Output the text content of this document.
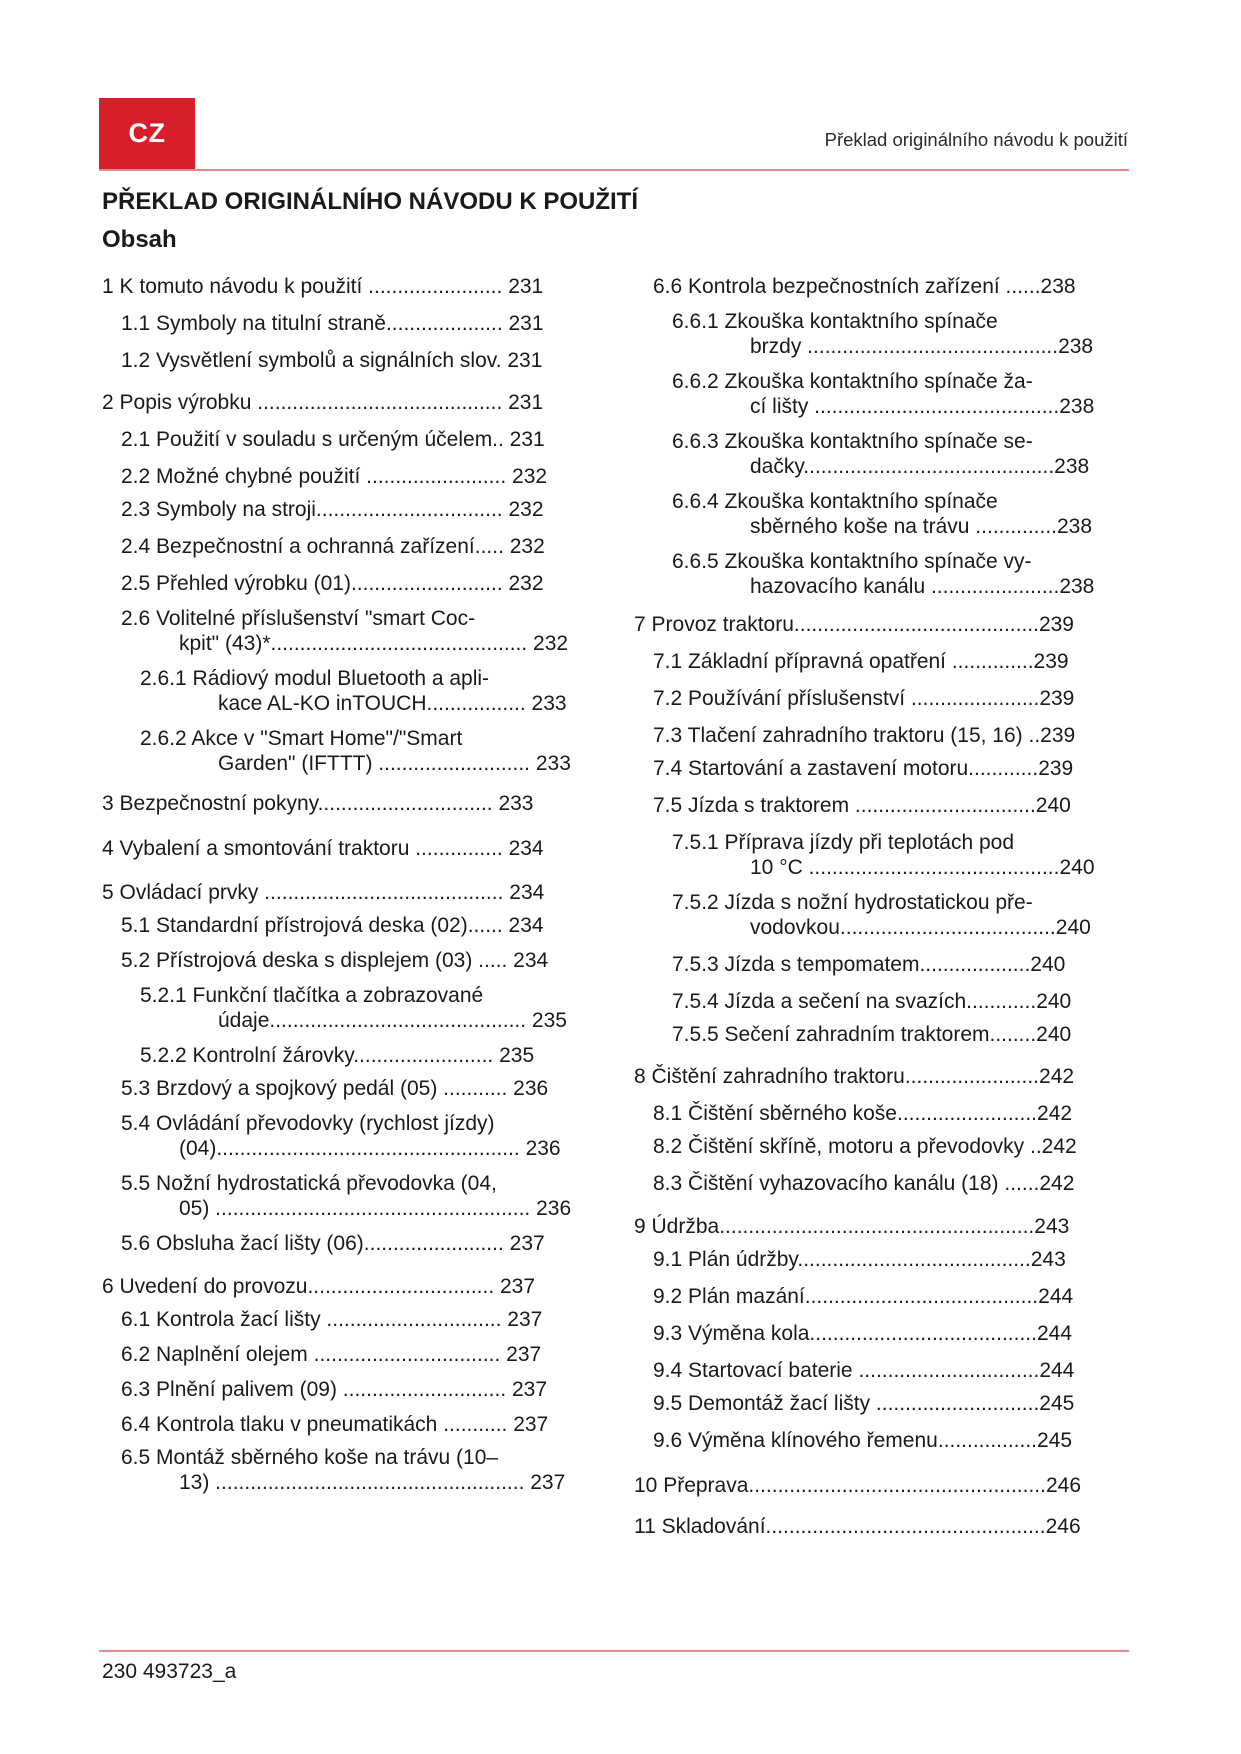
CZ	Překlad originálního návodu k použití
PŘEKLAD ORIGINÁLNÍHO NÁVODU K POUŽITÍ
Obsah
1 K tomuto návodu k použití ....................... 231
1.1 Symboly na titulní straně.................... 231
1.2 Vysvětlení symbolů a signálních slov. 231
2 Popis výrobku .......................................... 231
2.1 Použití v souladu s určeným účelem.. 231
2.2 Možné chybné použití ........................ 232
2.3 Symboly na stroji................................ 232
2.4 Bezpečnostní a ochranná zařízení..... 232
2.5 Přehled výrobku (01).......................... 232
2.6 Volitelné příslušenství "smart Coc-
kpit" (43)*............................................ 232
2.6.1 Rádiový modul Bluetooth a apli-
kace AL-KO inTOUCH................. 233
2.6.2 Akce v "Smart Home"/"Smart
Garden" (IFTTT) .......................... 233
3 Bezpečnostní pokyny.............................. 233
4 Vybalení a smontování traktoru ............... 234
5 Ovládací prvky ......................................... 234
5.1 Standardní přístrojová deska (02)...... 234
5.2 Přístrojová deska s displejem (03) ..... 234
5.2.1 Funkční tlačítka a zobrazované
údaje............................................ 235
5.2.2 Kontrolní žárovky........................ 235
5.3 Brzdový a spojkový pedál (05) ........... 236
5.4 Ovládání převodovky (rychlost jízdy)
(04).................................................... 236
5.5 Nožní hydrostatická převodovka (04,
05) ...................................................... 236
5.6 Obsluha žací lišty (06)........................ 237
6 Uvedení do provozu................................ 237
6.1 Kontrola žací lišty .............................. 237
6.2 Naplnění olejem ................................ 237
6.3 Plnění palivem (09) ............................ 237
6.4 Kontrola tlaku v pneumatikách ........... 237
6.5 Montáž sběrného koše na trávu (10–
13) ..................................................... 237
6.6 Kontrola bezpečnostních zařízení ......238
6.6.1 Zkouška kontaktního spínače
brzdy ...........................................238
6.6.2 Zkouška kontaktního spínače ža-
cí lišty ..........................................238
6.6.3 Zkouška kontaktního spínače se-
dačky...........................................238
6.6.4 Zkouška kontaktního spínače
sběrného koše na trávu ..............238
6.6.5 Zkouška kontaktního spínače vy-
hazovacího kanálu ......................238
7 Provoz traktoru..........................................239
7.1 Základní přípravná opatření ..............239
7.2 Používání příslušenství ......................239
7.3 Tlačení zahradního traktoru (15, 16) ..239
7.4 Startování a zastavení motoru............239
7.5 Jízda s traktorem ...............................240
7.5.1 Příprava jízdy při teplotách pod
10 °C ...........................................240
7.5.2 Jízda s nožní hydrostatickou pře-
vodovkou.....................................240
7.5.3 Jízda s tempomatem...................240
7.5.4 Jízda a sečení na svazích............240
7.5.5 Sečení zahradním traktorem........240
8 Čištění zahradního traktoru.......................242
8.1 Čištění sběrného koše........................242
8.2 Čištění skříně, motoru a převodovky ..242
8.3 Čištění vyhazovacího kanálu (18) ......242
9 Údržba......................................................243
9.1 Plán údržby........................................243
9.2 Plán mazání........................................244
9.3 Výměna kola.......................................244
9.4 Startovací baterie ...............................244
9.5 Demontáž žací lišty ............................245
9.6 Výměna klínového řemenu.................245
10 Přeprava...................................................246
11 Skladování................................................246
230 493723_a
